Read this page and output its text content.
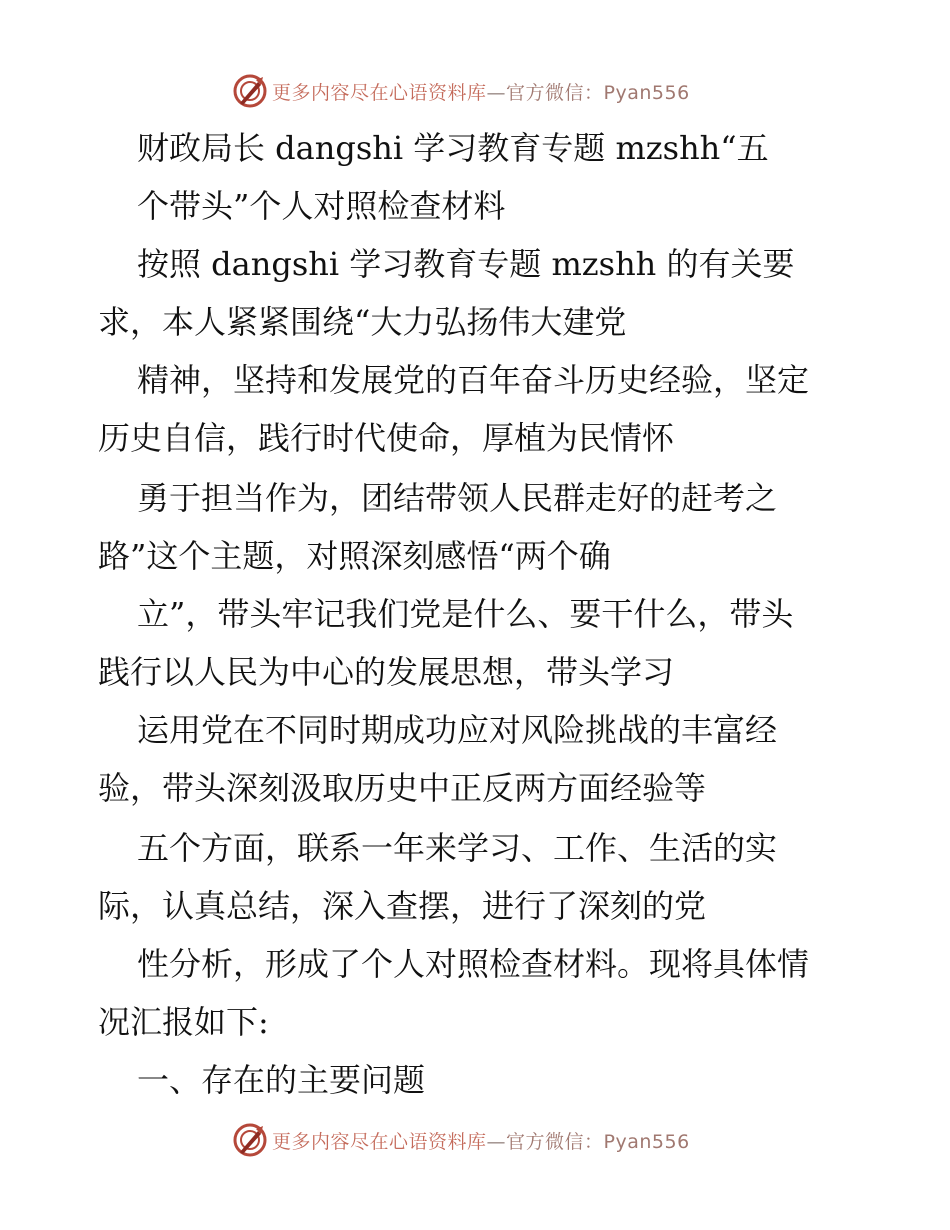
更多内容尽在心语资料库—官方微信：Pyan556
财政局长 dangshi 学习教育专题 mzshh“五
个带头”个人对照检查材料
按照 dangshi 学习教育专题 mzshh 的有关要
求，本人紧紧围绕“大力弘扬伟大建党
精神，坚持和发展党的百年奋斗历史经验，坚定
历史自信，践行时代使命，厚植为民情怀
勇于担当作为，团结带领人民群走好的赶考之
路”这个主题，对照深刻感悟“两个确
立”，带头牢记我们党是什么、要干什么，带头
践行以人民为中心的发展思想，带头学习
运用党在不同时期成功应对风险挑战的丰富经
验，带头深刻汲取历史中正反两方面经验等
五个方面，联系一年来学习、工作、生活的实
际，认真总结，深入查摆，进行了深刻的党
性分析，形成了个人对照检查材料。现将具体情
况汇报如下:
一、存在的主要问题
更多内容尽在心语资料库—官方微信：Pyan556
